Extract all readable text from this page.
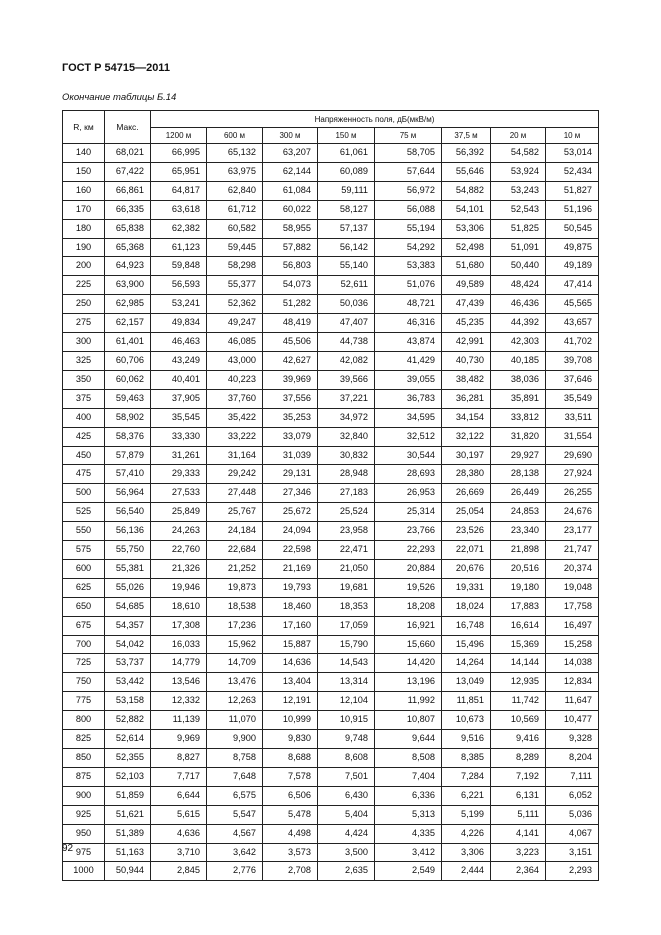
ГОСТ Р 54715—2011
Окончание таблицы Б.14
R, км	Макс.	Напряженность поля, дБ(мкВ/м)							
		1200 м	600 м	300 м	150 м	75 м	37,5 м	20 м	10 м
140	68,021	66,995	65,132	63,207	61,061	58,705	56,392	54,582	53,014
150	67,422	65,951	63,975	62,144	60,089	57,644	55,646	53,924	52,434
160	66,861	64,817	62,840	61,084	59,111	56,972	54,882	53,243	51,827
170	66,335	63,618	61,712	60,022	58,127	56,088	54,101	52,543	51,196
180	65,838	62,382	60,582	58,955	57,137	55,194	53,306	51,825	50,545
190	65,368	61,123	59,445	57,882	56,142	54,292	52,498	51,091	49,875
200	64,923	59,848	58,298	56,803	55,140	53,383	51,680	50,440	49,189
225	63,900	56,593	55,377	54,073	52,611	51,076	49,589	48,424	47,414
250	62,985	53,241	52,362	51,282	50,036	48,721	47,439	46,436	45,565
275	62,157	49,834	49,247	48,419	47,407	46,316	45,235	44,392	43,657
300	61,401	46,463	46,085	45,506	44,738	43,874	42,991	42,303	41,702
325	60,706	43,249	43,000	42,627	42,082	41,429	40,730	40,185	39,708
350	60,062	40,401	40,223	39,969	39,566	39,055	38,482	38,036	37,646
375	59,463	37,905	37,760	37,556	37,221	36,783	36,281	35,891	35,549
400	58,902	35,545	35,422	35,253	34,972	34,595	34,154	33,812	33,511
425	58,376	33,330	33,222	33,079	32,840	32,512	32,122	31,820	31,554
450	57,879	31,261	31,164	31,039	30,832	30,544	30,197	29,927	29,690
475	57,410	29,333	29,242	29,131	28,948	28,693	28,380	28,138	27,924
500	56,964	27,533	27,448	27,346	27,183	26,953	26,669	26,449	26,255
525	56,540	25,849	25,767	25,672	25,524	25,314	25,054	24,853	24,676
550	56,136	24,263	24,184	24,094	23,958	23,766	23,526	23,340	23,177
575	55,750	22,760	22,684	22,598	22,471	22,293	22,071	21,898	21,747
600	55,381	21,326	21,252	21,169	21,050	20,884	20,676	20,516	20,374
625	55,026	19,946	19,873	19,793	19,681	19,526	19,331	19,180	19,048
650	54,685	18,610	18,538	18,460	18,353	18,208	18,024	17,883	17,758
675	54,357	17,308	17,236	17,160	17,059	16,921	16,748	16,614	16,497
700	54,042	16,033	15,962	15,887	15,790	15,660	15,496	15,369	15,258
725	53,737	14,779	14,709	14,636	14,543	14,420	14,264	14,144	14,038
750	53,442	13,546	13,476	13,404	13,314	13,196	13,049	12,935	12,834
775	53,158	12,332	12,263	12,191	12,104	11,992	11,851	11,742	11,647
800	52,882	11,139	11,070	10,999	10,915	10,807	10,673	10,569	10,477
825	52,614	9,969	9,900	9,830	9,748	9,644	9,516	9,416	9,328
850	52,355	8,827	8,758	8,688	8,608	8,508	8,385	8,289	8,204
875	52,103	7,717	7,648	7,578	7,501	7,404	7,284	7,192	7,111
900	51,859	6,644	6,575	6,506	6,430	6,336	6,221	6,131	6,052
925	51,621	5,615	5,547	5,478	5,404	5,313	5,199	5,111	5,036
950	51,389	4,636	4,567	4,498	4,424	4,335	4,226	4,141	4,067
975	51,163	3,710	3,642	3,573	3,500	3,412	3,306	3,223	3,151
1000	50,944	2,845	2,776	2,708	2,635	2,549	2,444	2,364	2,293
92
